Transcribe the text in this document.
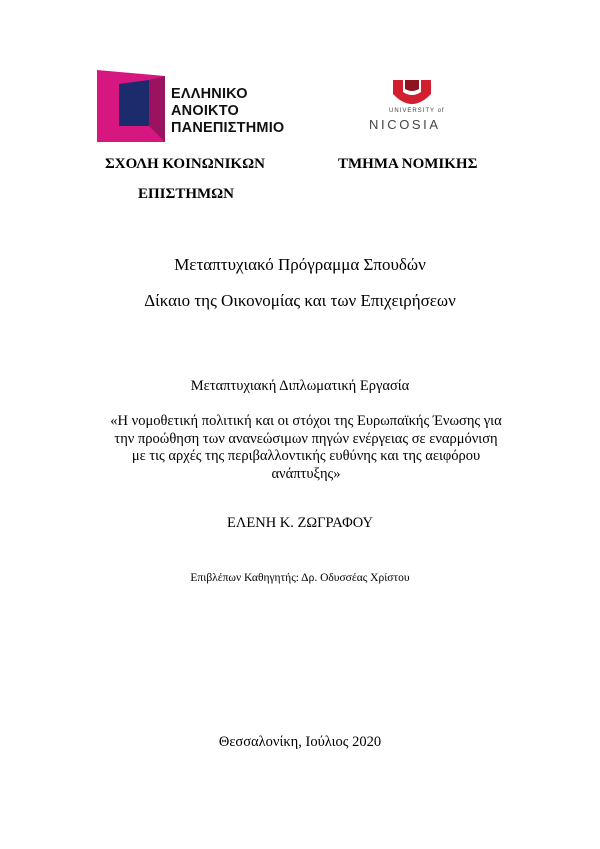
ΕΛΛΗΝΙΚΟ
ΑΝΟΙΚΤΟ
ΠΑΝΕΠΙΣΤΗΜΙΟ
UNIVERSITY of
NICOSIA
ΣΧΟΛΗ ΚΟΙΝΩΝΙΚΩΝ
ΕΠΙΣΤΗΜΩΝ
ΤΜΗΜΑ ΝΟΜΙΚΗΣ
Μεταπτυχιακό Πρόγραμμα Σπουδών
Δίκαιο της Οικονομίας και των Επιχειρήσεων
Μεταπτυχιακή Διπλωματική Εργασία
«Η νομοθετική πολιτική και οι στόχοι της Ευρωπαϊκής Ένωσης για
την προώθηση των ανανεώσιμων πηγών ενέργειας σε εναρμόνιση
με τις αρχές της περιβαλλοντικής ευθύνης και της αειφόρου
ανάπτυξης»
ΕΛΕΝΗ Κ. ΖΩΓΡΑΦΟΥ
Επιβλέπων Καθηγητής: Δρ. Οδυσσέας Χρίστου
Θεσσαλονίκη, Ιούλιος 2020
